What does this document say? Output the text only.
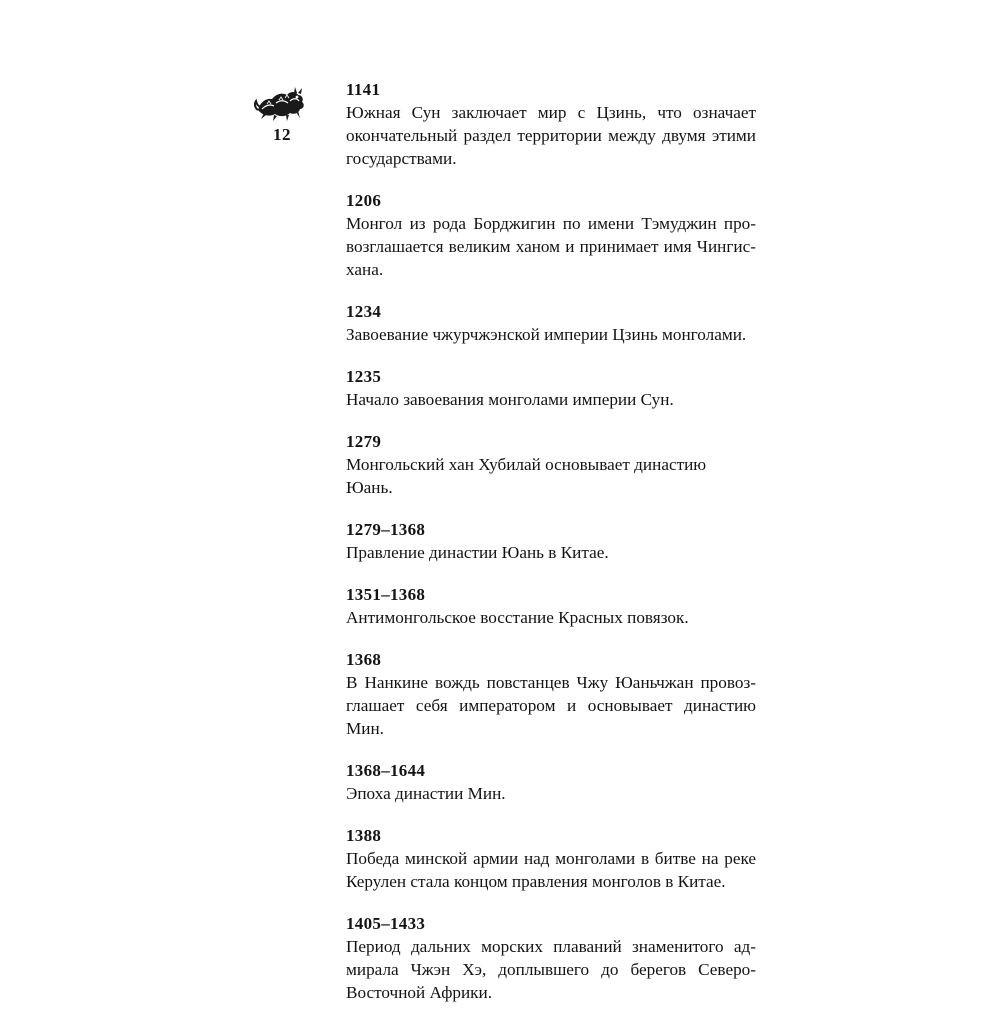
12
1141
Южная Сун заключает мир с Цзинь, что означает окончательный раздел территории между двумя этими государствами.
1206
Монгол из рода Борджигин по имени Тэмуджин провозглашается великим ханом и принимает имя Чингисхана.
1234
Завоевание чжурчжэнской империи Цзинь монголами.
1235
Начало завоевания монголами империи Сун.
1279
Монгольский хан Хубилай основывает династию Юань.
1279–1368
Правление династии Юань в Китае.
1351–1368
Антимонгольское восстание Красных повязок.
1368
В Нанкине вождь повстанцев Чжу Юаньчжан провозглашает себя императором и основывает династию Мин.
1368–1644
Эпоха династии Мин.
1388
Победа минской армии над монголами в битве на реке Керулен стала концом правления монголов в Китае.
1405–1433
Период дальних морских плаваний знаменитого адмирала Чжэн Хэ, доплывшего до берегов Северо-Восточной Африки.
